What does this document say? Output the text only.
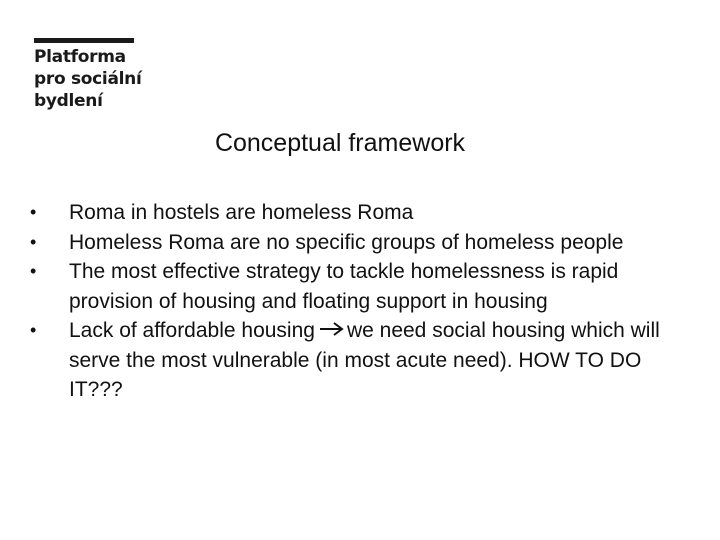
Platforma
pro sociální
bydlení
Conceptual framework
•	Roma in hostels are homeless Roma
•	Homeless Roma are no specific groups of homeless people
•	The most effective strategy to tackle homelessness is rapid provision of housing and floating support in housing
•	Lack of affordable housing we need social housing which will serve the most vulnerable (in most acute need). HOW TO DO IT???
